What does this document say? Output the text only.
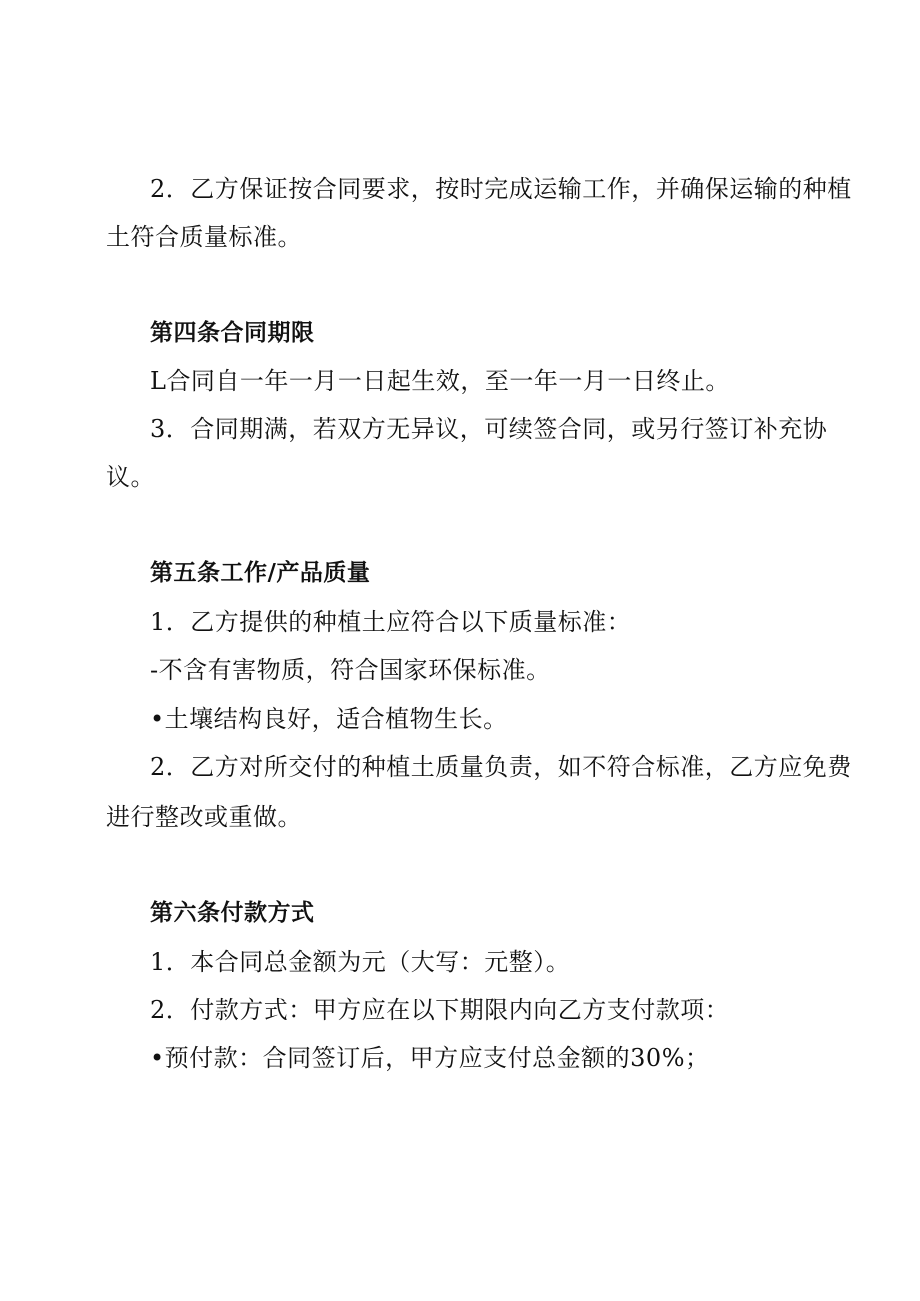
2．乙方保证按合同要求，按时完成运输工作，并确保运输的种植
土符合质量标准。
第四条合同期限
L合同自一年一月一日起生效，至一年一月一日终止。
3．合同期满，若双方无异议，可续签合同，或另行签订补充协
议。
第五条工作/产品质量
1．乙方提供的种植土应符合以下质量标准：
-不含有害物质，符合国家环保标准。
•土壤结构良好，适合植物生长。
2．乙方对所交付的种植土质量负责，如不符合标准，乙方应免费
进行整改或重做。
第六条付款方式
1．本合同总金额为元（大写：元整）。
2．付款方式：甲方应在以下期限内向乙方支付款项：
•预付款：合同签订后，甲方应支付总金额的30%；
